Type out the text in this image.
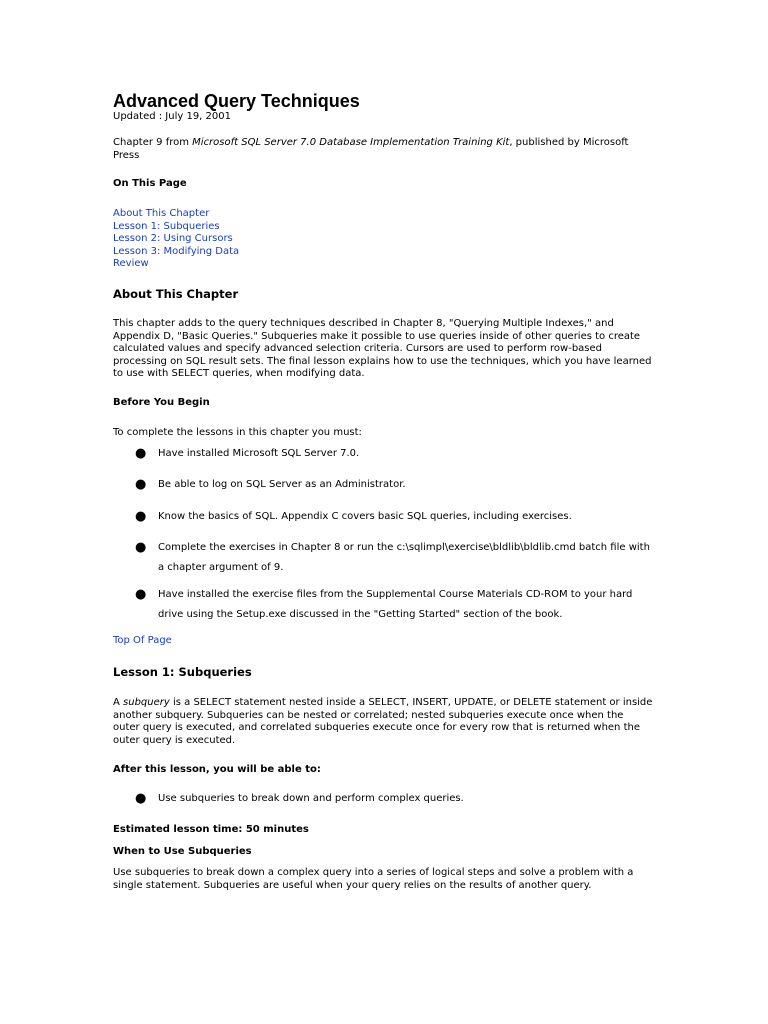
Advanced Query Techniques
Updated : July 19, 2001

Chapter 9 from Microsoft SQL Server 7.0 Database Implementation Training Kit, published by Microsoft Press

On This Page
About This Chapter
Lesson 1: Subqueries
Lesson 2: Using Cursors
Lesson 3: Modifying Data
Review
About This Chapter

This chapter adds to the query techniques described in Chapter 8, "Querying Multiple Indexes," and Appendix D, "Basic Queries." Subqueries make it possible to use queries inside of other queries to create calculated values and specify advanced selection criteria. Cursors are used to perform row-based processing on SQL result sets. The final lesson explains how to use the techniques, which you have learned to use with SELECT queries, when modifying data.

Before You Begin
To complete the lessons in this chapter you must:
● Have installed Microsoft SQL Server 7.0.
● Be able to log on SQL Server as an Administrator.
● Know the basics of SQL. Appendix C covers basic SQL queries, including exercises.
● Complete the exercises in Chapter 8 or run the c:\sqlimpl\exercise\bldlib\bldlib.cmd batch file with a chapter argument of 9.
● Have installed the exercise files from the Supplemental Course Materials CD-ROM to your hard drive using the Setup.exe discussed in the "Getting Started" section of the book.
Top Of Page
Lesson 1: Subqueries

A subquery is a SELECT statement nested inside a SELECT, INSERT, UPDATE, or DELETE statement or inside another subquery. Subqueries can be nested or correlated; nested subqueries execute once when the outer query is executed, and correlated subqueries execute once for every row that is returned when the outer query is executed.

After this lesson, you will be able to:
● Use subqueries to break down and perform complex queries.
Estimated lesson time: 50 minutes
When to Use Subqueries

Use subqueries to break down a complex query into a series of logical steps and solve a problem with a single statement. Subqueries are useful when your query relies on the results of another query.
